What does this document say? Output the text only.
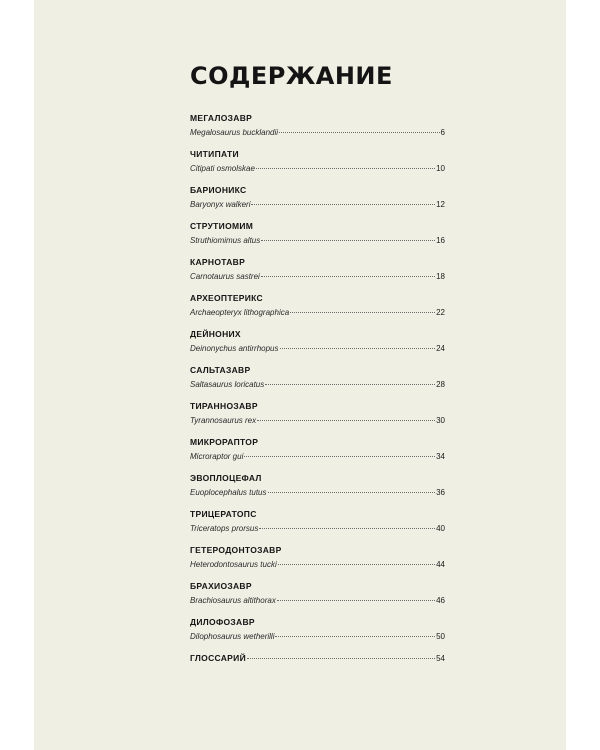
СОДЕРЖАНИЕ
МЕГАЛОЗАВР
Megalosaurus bucklandii	6
ЧИТИПАТИ
Citipati osmolskae	10
БАРИОНИКС
Baryonyx walkeri	12
СТРУТИОМИМ
Struthiomimus altus	16
КАРНОТАВР
Carnotaurus sastrei	18
АРХЕОПТЕРИКС
Archaeopteryx lithographica	22
ДЕЙНОНИХ
Deinonychus antirrhopus	24
САЛЬТАЗАВР
Saltasaurus loricatus	28
ТИРАННОЗАВР
Tyrannosaurus rex	30
МИКРОРАПТОР
Microraptor gui	34
ЭВОПЛОЦЕФАЛ
Euoplocephalus tutus	36
ТРИЦЕРАТОПС
Triceratops prorsus	40
ГЕТЕРОДОНТОЗАВР
Heterodontosaurus tucki	44
БРАХИОЗАВР
Brachiosaurus altithorax	46
ДИЛОФОЗАВР
Dilophosaurus wetherilli	50
ГЛОССАРИЙ	54
